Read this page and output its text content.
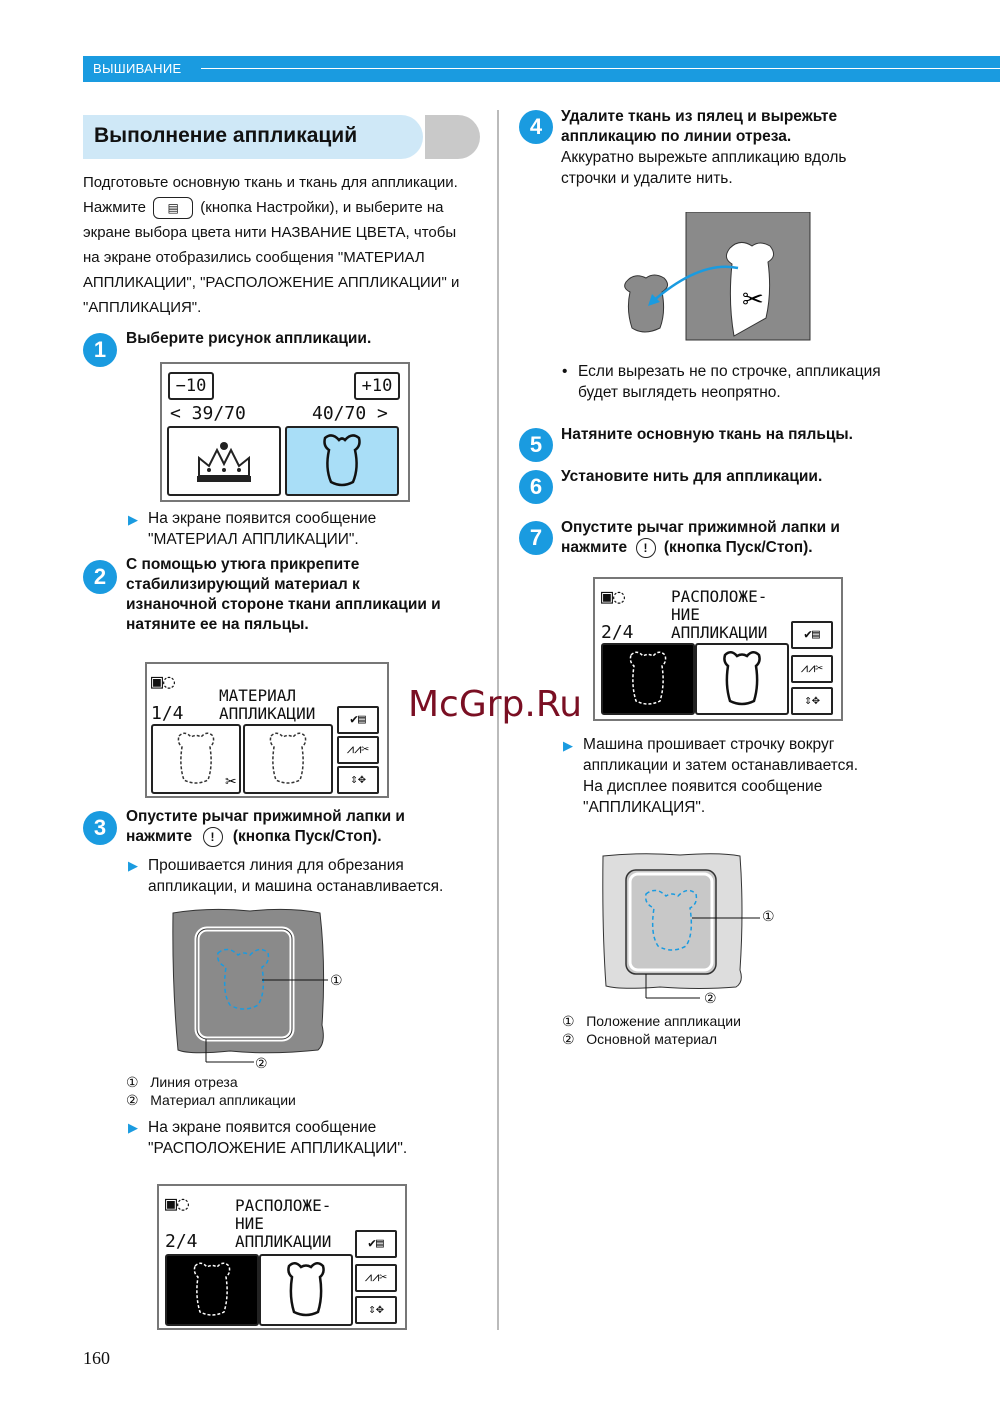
ВЫШИВАНИЕ
Выполнение аппликаций
Подготовьте основную ткань и ткань для аппликации.
Нажмите ▤ (кнопка Настройки), и выберите на
экране выбора цвета нити НАЗВАНИЕ ЦВЕТА, чтобы
на экране отобразились сообщения "МАТЕРИАЛ
АППЛИКАЦИИ", "РАСПОЛОЖЕНИЕ АППЛИКАЦИИ" и
"АППЛИКАЦИЯ".
1	Выберите рисунок аппликации.
−10	+10
< 39/70	40/70 >
▶ На экране появится сообщение
"МАТЕРИАЛ АППЛИКАЦИИ".
2	С помощью утюга прикрепите
стабилизирующий материал к
изнаночной стороне ткани аппликации и
натяните ее на пяльцы.
▣◌
1/4
МАТЕРИАЛ
АППЛИКАЦИИ
✂
✔▤
⩘⩘✂
⇕✥
3	Опустите рычаг прижимной лапки и
нажмите ! (кнопка Пуск/Стоп).
▶ Прошивается линия для обрезания
аппликации, и машина останавливается.
①
②
① Линия отреза
② Материал аппликации
▶ На экране появится сообщение
"РАСПОЛОЖЕНИЕ АППЛИКАЦИИ".
▣◌
2/4
РАСПОЛОЖЕ-
НИЕ
АППЛИКАЦИИ	✔▤
⩘⩘✂
⇕✥
4	Удалите ткань из пялец и вырежьте
аппликацию по линии отреза.
Аккуратно вырежьте аппликацию вдоль
строчки и удалите нить.
✂
• Если вырезать не по строчке, аппликация
будет выглядеть неопрятно.
5	Натяните основную ткань на пяльцы.
6	Установите нить для аппликации.
7	Опустите рычаг прижимной лапки и
нажмите ! (кнопка Пуск/Стоп).
▣◌
2/4
РАСПОЛОЖЕ-
НИЕ
АППЛИКАЦИИ	✔▤
⩘⩘✂
⇕✥
McGrp.Ru
▶ Машина прошивает строчку вокруг
аппликации и затем останавливается.
На дисплее появится сообщение
"АППЛИКАЦИЯ".
①
②
① Положение аппликации
② Основной материал
160
